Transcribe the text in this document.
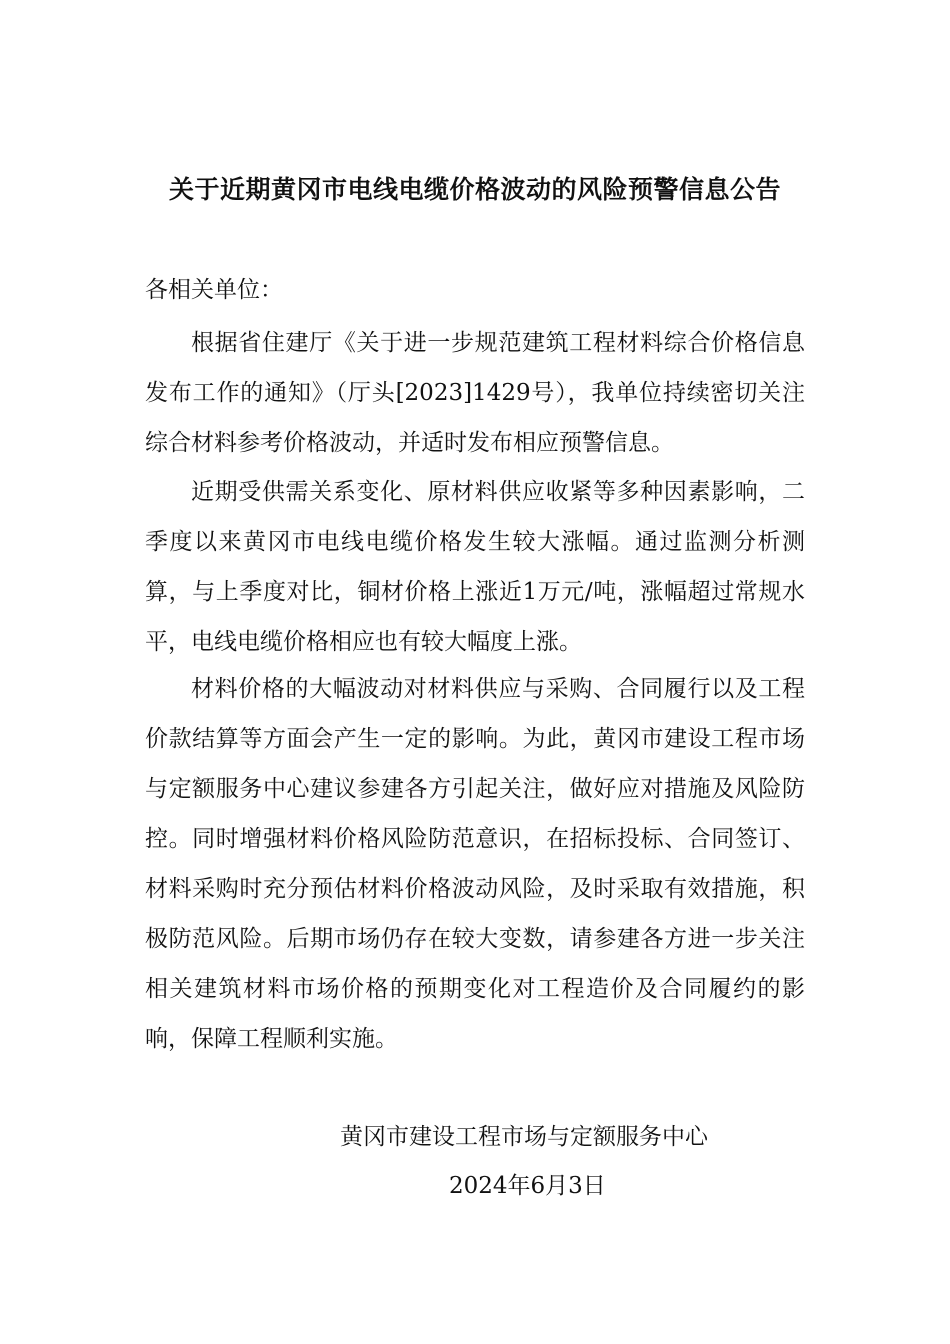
关于近期黄冈市电线电缆价格波动的风险预警信息公告
各相关单位：

根据省住建厅《关于进一步规范建筑工程材料综合价格信息发布工作的通知》（厅头[2023]1429号），我单位持续密切关注综合材料参考价格波动，并适时发布相应预警信息。

近期受供需关系变化、原材料供应收紧等多种因素影响，二季度以来黄冈市电线电缆价格发生较大涨幅。通过监测分析测算，与上季度对比，铜材价格上涨近1万元/吨，涨幅超过常规水平，电线电缆价格相应也有较大幅度上涨。

材料价格的大幅波动对材料供应与采购、合同履行以及工程价款结算等方面会产生一定的影响。为此，黄冈市建设工程市场与定额服务中心建议参建各方引起关注，做好应对措施及风险防控。同时增强材料价格风险防范意识，在招标投标、合同签订、材料采购时充分预估材料价格波动风险，及时采取有效措施，积极防范风险。后期市场仍存在较大变数，请参建各方进一步关注相关建筑材料市场价格的预期变化对工程造价及合同履约的影响，保障工程顺利实施。

黄冈市建设工程市场与定额服务中心
2024年6月3日
